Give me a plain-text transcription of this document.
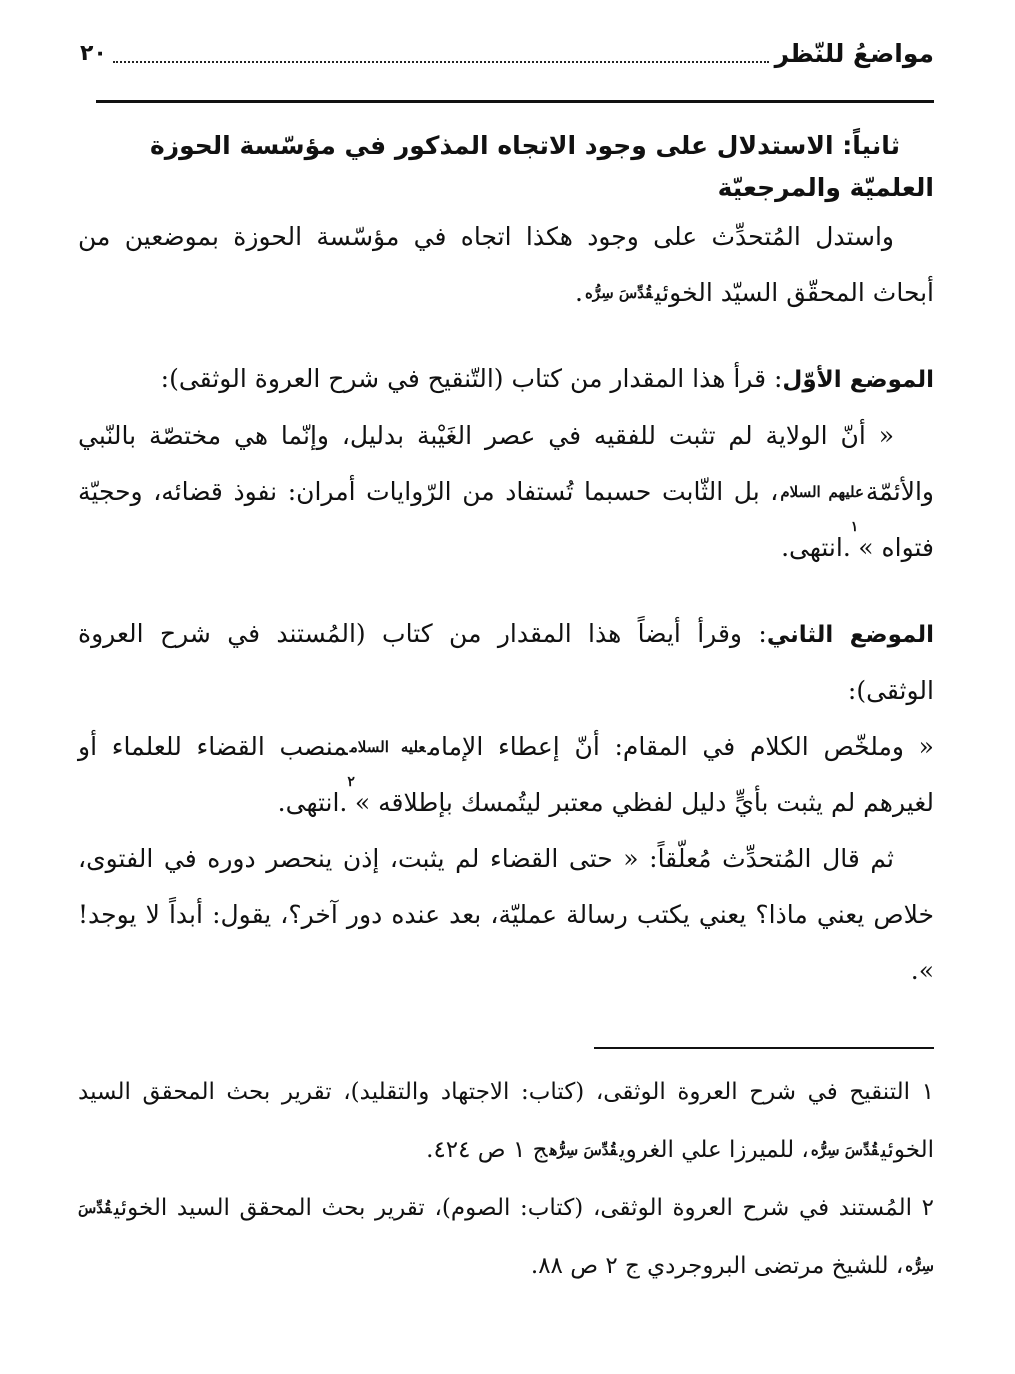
٢٠	مواضعُ للنّظر
ثانياً: الاستدلال على وجود الاتجاه المذكور في مؤسّسة الحوزة
العلميّة والمرجعيّة

واستدل المُتحدِّث على وجود هكذا اتجاه في مؤسّسة الحوزة بموضعين من أبحاث المحقّق السيّد الخوئي$^{قُدِّسَ سِرُّه}$.

الموضع الأوّل: قرأ هذا المقدار من كتاب (التّنقيح في شرح العروة الوثقى):

« أنّ الولاية لم تثبت للفقيه في عصر الغَيْبة بدليل، وإنّما هي مختصّة بالنّبي والأئمّة$^{عليهم السلام}$، بل الثّابت حسبما تُستفاد من الرّوايات أمران: نفوذ قضائه، وحجيّة فتواه »$^١$.انتهى.

الموضع الثاني: وقرأ أيضاً هذا المقدار من كتاب (المُستند في شرح العروة الوثقى):

« وملخّص الكلام في المقام: أنّ إعطاء الإمام$^{عليه السلام}$منصب القضاء للعلماء أو لغيرهم لم يثبت بأيٍّ دليل لفظي معتبر ليتُمسك بإطلاقه »$^٢$.انتهى.

ثم قال المُتحدِّث مُعلّقاً: « حتى القضاء لم يثبت، إذن ينحصر دوره في الفتوى، خلاص يعني ماذا؟ يعني يكتب رسالة عمليّة، بعد عنده دور آخر؟، يقول: أبداً لا يوجد! ».

١ التنقيح في شرح العروة الوثقى، (كتاب: الاجتهاد والتقليد)، تقرير بحث المحقق السيد الخوئي$^{قُدِّسَ سِرُّه}$، للميرزا علي الغروي$^{قُدِّسَ سِرُّه}$ج ١ ص ٤٢٤.

٢ المُستند في شرح العروة الوثقى، (كتاب: الصوم)، تقرير بحث المحقق السيد الخوئي$^{قُدِّسَ سِرُّه}$، للشيخ مرتضى البروجردي ج ٢ ص ٨٨.
